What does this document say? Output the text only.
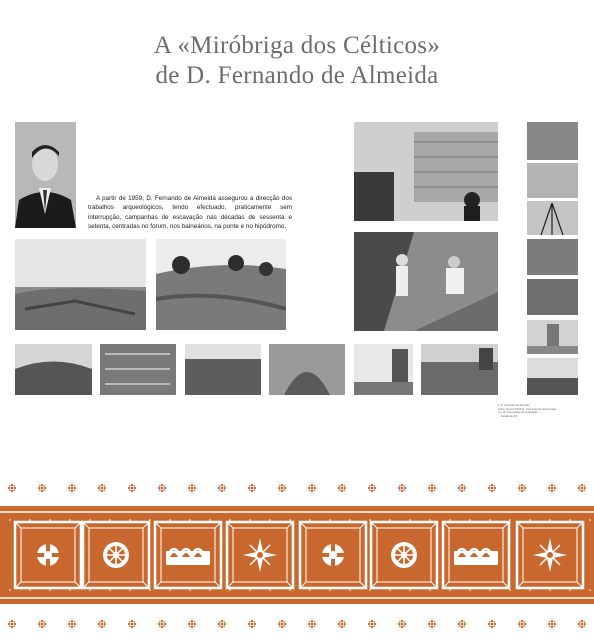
A «Miróbriga dos Célticos»
de D. Fernando de Almeida
A partir de 1959, D. Fernando de Almeida assegurou a direcção dos trabalhos arqueológicos, tendo efectuado, praticamente sem interrupção, campanhas de escavação nas décadas de sessenta e setenta, centradas no forum, nos balneários, na ponte e no hipódromo.
1. D. Fernando de Almeida
Fotos: Arquivo MNA Dr. José Leite de Vasconcelos
2 a 15. Campanhas de escavação: ...
... década de 60
